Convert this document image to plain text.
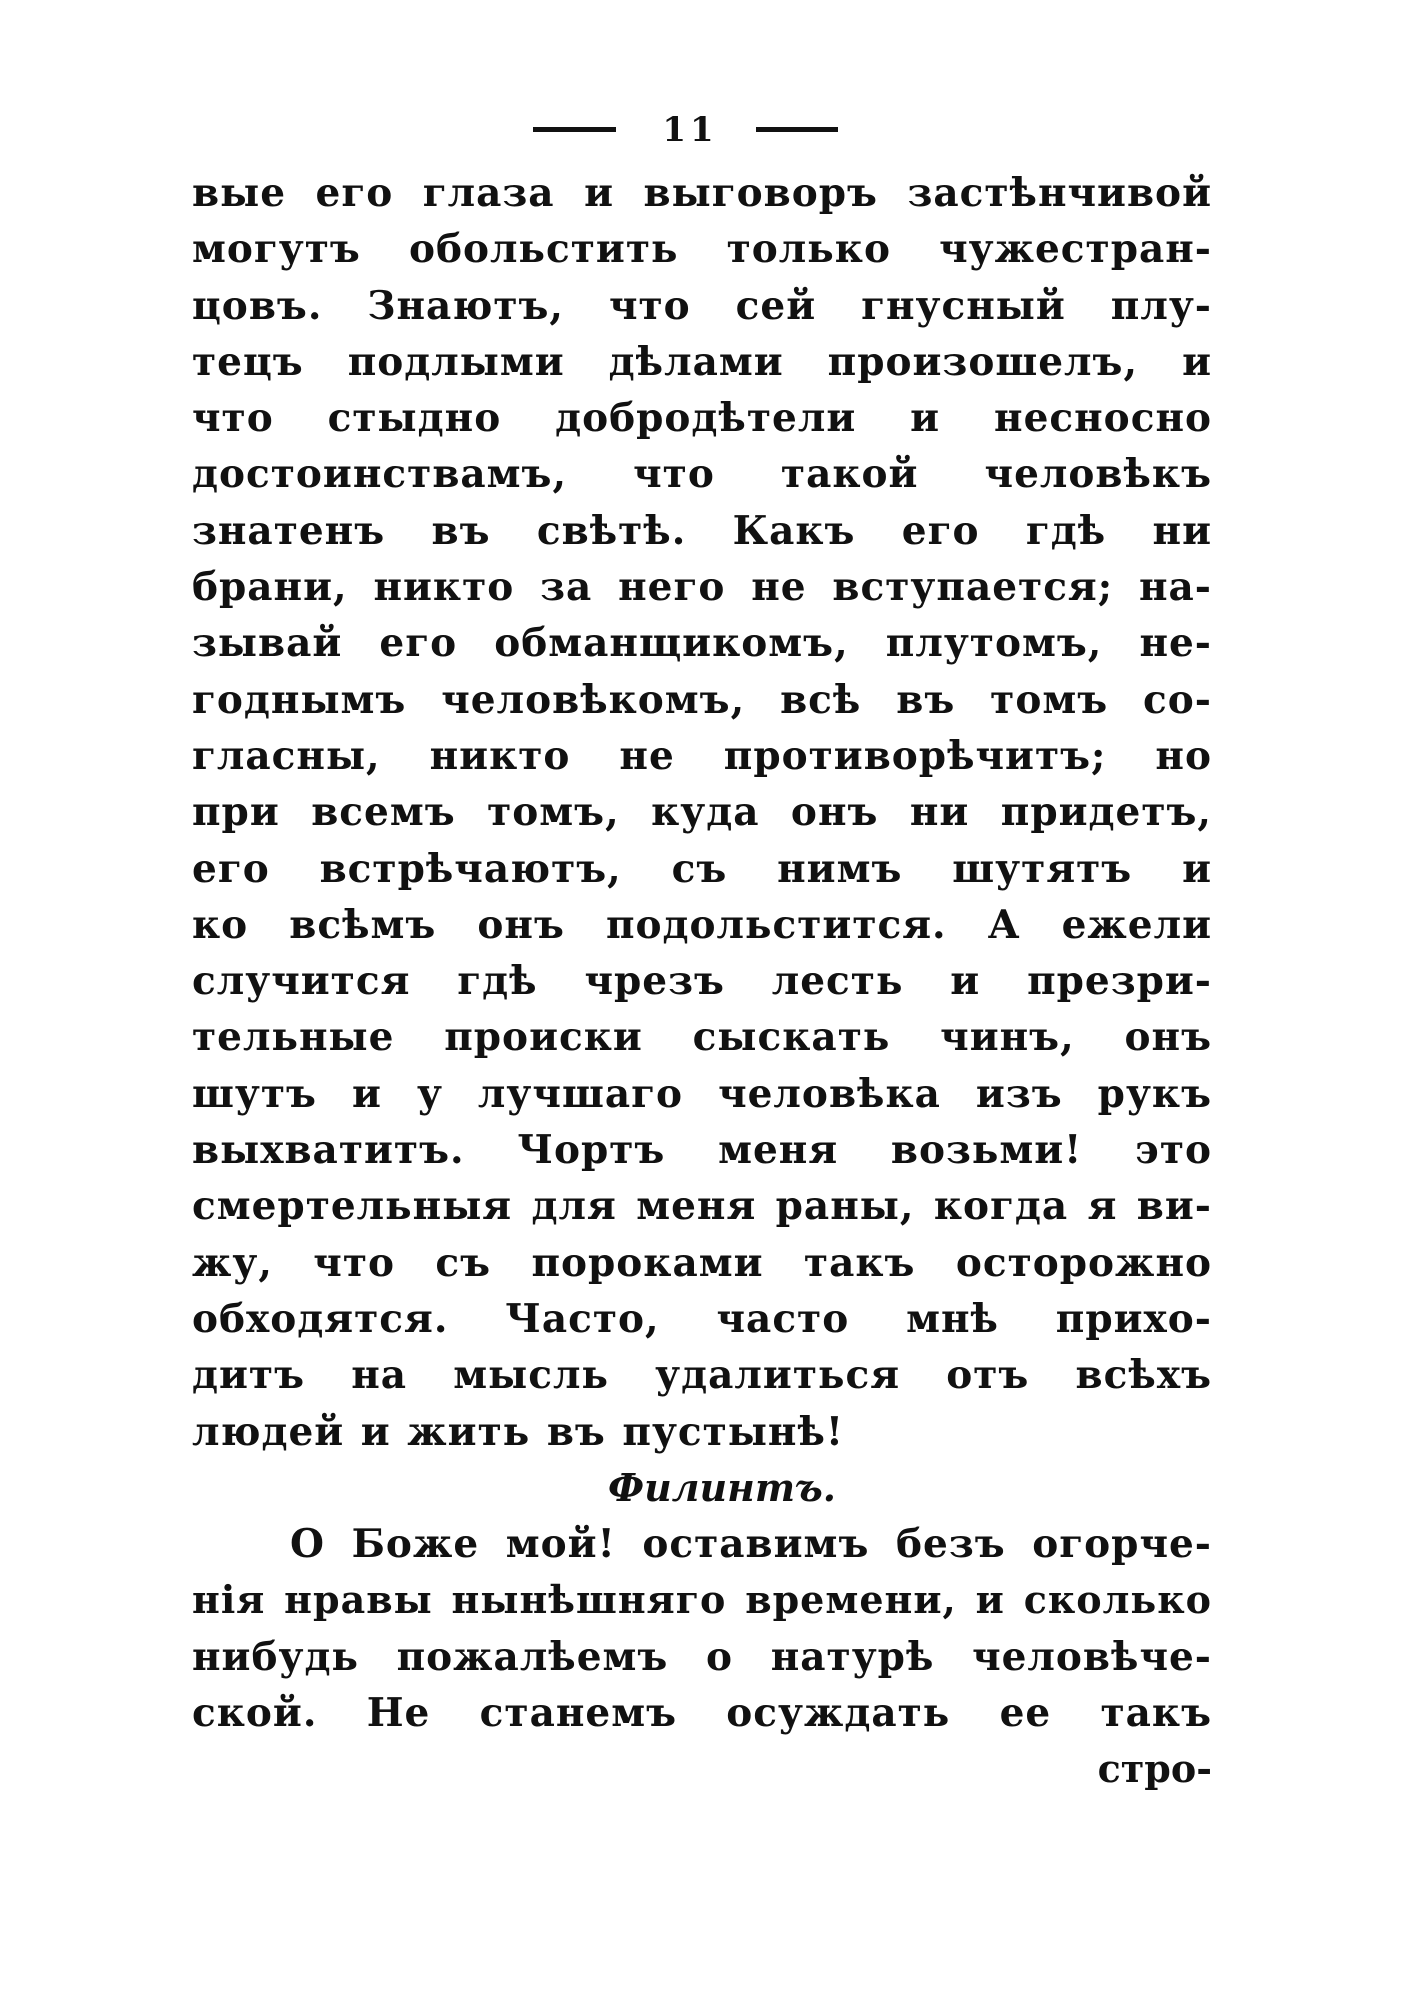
11
вые его глаза и выговоръ застѣнчивой
могутъ обольстить только чужестран-
цовъ. Знаютъ, что сей гнусный плу-
тецъ подлыми дѣлами произошелъ, и
что стыдно добродѣтели и несносно
достоинствамъ, что такой человѣкъ
знатенъ въ свѣтѣ. Какъ его гдѣ ни
брани, никто за него не вступается; на-
зывай его обманщикомъ, плутомъ, не-
годнымъ человѣкомъ, всѣ въ томъ со-
гласны, никто не противорѣчитъ; но
при всемъ томъ, куда онъ ни придетъ,
его встрѣчаютъ, съ нимъ шутятъ и
ко всѣмъ онъ подольстится. А ежели
случится гдѣ чрезъ лесть и презри-
тельные происки сыскать чинъ, онъ
шутъ и у лучшаго человѣка изъ рукъ
выхватитъ. Чортъ меня возьми! это
смертельныя для меня раны, когда я ви-
жу, что съ пороками такъ осторожно
обходятся. Часто, часто мнѣ прихо-
дитъ на мысль удалиться отъ всѣхъ
людей и жить въ пустынѣ!
Филинтъ.
О Боже мой! оставимъ безъ огорче-
нія нравы нынѣшняго времени, и сколько
нибудь пожалѣемъ о натурѣ человѣче-
ской. Не станемъ осуждать ее такъ
стро-
